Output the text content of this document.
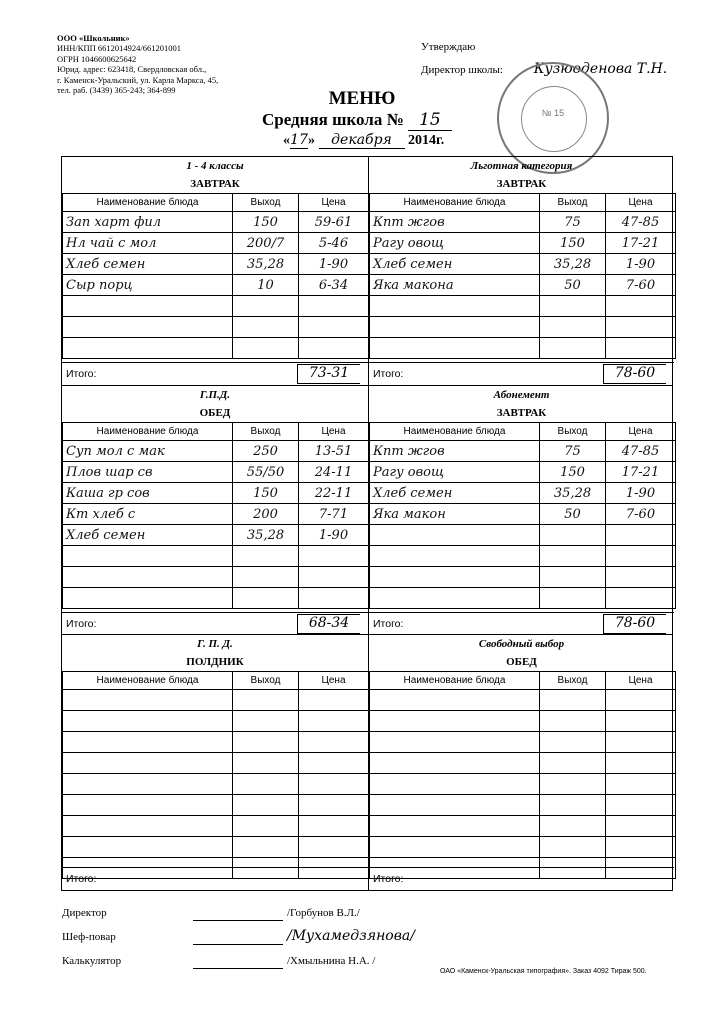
ООО «Школьник»
ИНН/КПП 6612014924/661201001
ОГРН 1046600625642
Юрид. адрес: 623418, Свердловская обл.,
г. Каменск-Уральский, ул. Карла Маркса, 45,
тел. раб. (3439) 365-243; 364-899
Утверждаю
Директор школы: Кузюоденова Т.Н.
№ 15
МЕНЮ
Средняя школа № 15
«17» декабря 2014г.
1 - 4 классы
ЗАВТРАК
Наименование блюда	Выход	Цена
Зап харт фил	150	59-61
Нл чай с мол	200/7	5-46
Хлеб семен	35,28	1-90
Сыр порц	10	6-34

Итого:	73-31
Льготная категория
ЗАВТРАК
Наименование блюда	Выход	Цена
Кпт жгов	75	47-85
Рагу овощ	150	17-21
Хлеб семен	35,28	1-90
Яка макона	50	7-60

Итого:	78-60
Г.П.Д.
ОБЕД
Наименование блюда	Выход	Цена
Суп мол с мак	250	13-51
Плов шар св	55/50	24-11
Каша гр сов	150	22-11
Кт хлеб с	200	7-71
Хлеб семен	35,28	1-90

Итого:	68-34
Абонемент
ЗАВТРАК
Наименование блюда	Выход	Цена
Кпт жгов	75	47-85
Рагу овощ	150	17-21
Хлеб семен	35,28	1-90
Яка макон	50	7-60

Итого:	78-60
Г. П. Д.
ПОЛДНИК
Наименование блюда	Выход	Цена

Итого:
Свободный выбор
ОБЕД
Наименование блюда	Выход	Цена

Итого:
Директор
Шеф-повар
Калькулятор
/Горбунов В.Л./
/Мухамедзянова/
/Хмыльнина Н.А. /
ОАО «Каменск-Уральская типография». Заказ 4092 Тираж 500.
